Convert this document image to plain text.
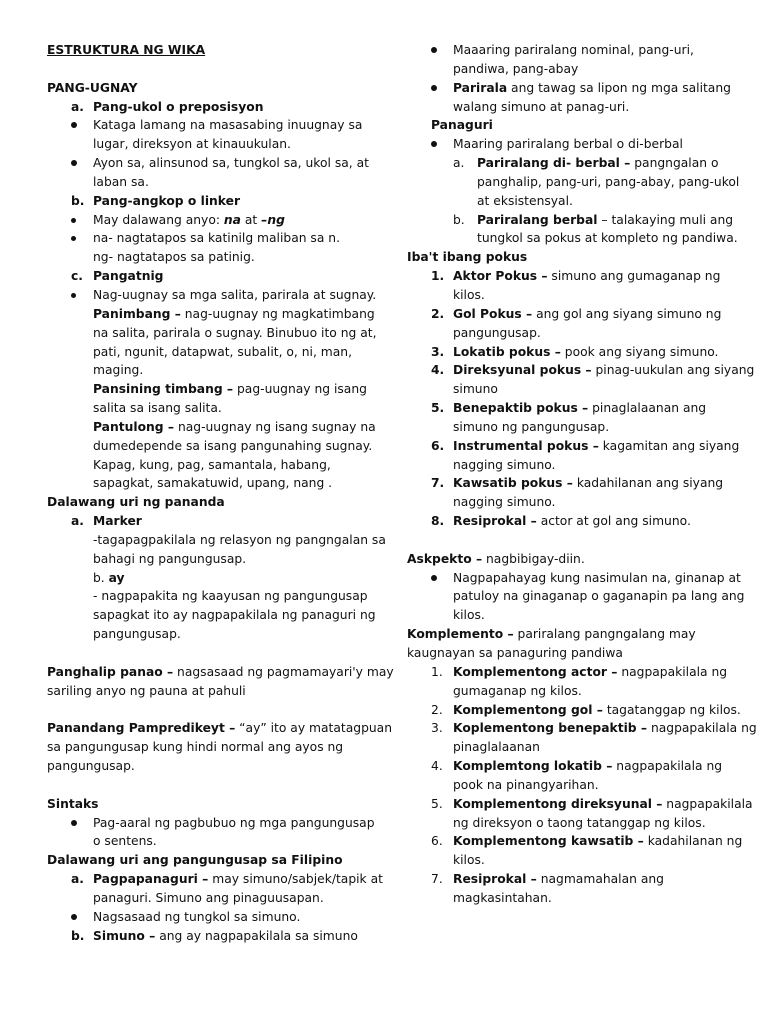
ESTRUKTURA NG WIKA
PANG-UGNAY
a. Pang-ukol o preposisyon
Kataga lamang na masasabing inuugnay sa
lugar, direksyon at kinauukulan.
Ayon sa, alinsunod sa, tungkol sa, ukol sa, at
laban sa.
b. Pang-angkop o linker
May dalawang anyo: na at –ng
na- nagtatapos sa katinilg maliban sa n.
ng- nagtatapos sa patinig.
c. Pangatnig
Nag-uugnay sa mga salita, parirala at sugnay.
Panimbang – nag-uugnay ng magkatimbang
na salita, parirala o sugnay. Binubuo ito ng at,
pati, ngunit, datapwat, subalit, o, ni, man,
maging.
Pansining timbang – pag-uugnay ng isang
salita sa isang salita.
Pantulong – nag-uugnay ng isang sugnay na
dumedepende sa isang pangunahing sugnay.
Kapag, kung, pag, samantala, habang,
sapagkat, samakatuwid, upang, nang .
Dalawang uri ng pananda
a. Marker
-tagapagpakilala ng relasyon ng pangngalan sa
bahagi ng pangungusap.
b. ay
- nagpapakita ng kaayusan ng pangungusap
sapagkat ito ay nagpapakilala ng panaguri ng
pangungusap.
Panghalip panao – nagsasaad ng pagmamayari'y may
sariling anyo ng pauna at pahuli
Panandang Pampredikeyt – “ay” ito ay matatagpuan
sa pangungusap kung hindi normal ang ayos ng
pangungusap.
Sintaks
Pag-aaral ng pagbubuo ng mga pangungusap
o sentens.
Dalawang uri ang pangungusap sa Filipino
a. Pagpapanaguri – may simuno/sabjek/tapik at
panaguri. Simuno ang pinaguusapan.
Nagsasaad ng tungkol sa simuno.
b. Simuno – ang ay nagpapakilala sa simuno
Maaaring pariralang nominal, pang-uri,
pandiwa, pang-abay
Parirala ang tawag sa lipon ng mga salitang
walang simuno at panag-uri.
Panaguri
Maaring pariralang berbal o di-berbal
a. Pariralang di- berbal – pangngalan o
panghalip, pang-uri, pang-abay, pang-ukol
at eksistensyal.
b. Pariralang berbal – talakaying muli ang
tungkol sa pokus at kompleto ng pandiwa.
Iba't ibang pokus
1. Aktor Pokus – simuno ang gumaganap ng
kilos.
2. Gol Pokus – ang gol ang siyang simuno ng
pangungusap.
3. Lokatib pokus – pook ang siyang simuno.
4. Direksyunal pokus – pinag-uukulan ang siyang
simuno
5. Benepaktib pokus – pinaglalaanan ang
simuno ng pangungusap.
6. Instrumental pokus – kagamitan ang siyang
nagging simuno.
7. Kawsatib pokus – kadahilanan ang siyang
nagging simuno.
8. Resiprokal – actor at gol ang simuno.
Askpekto – nagbibigay-diin.
Nagpapahayag kung nasimulan na, ginanap at
patuloy na ginaganap o gaganapin pa lang ang
kilos.
Komplemento – pariralang pangngalang may
kaugnayan sa panaguring pandiwa
1. Komplementong actor – nagpapakilala ng
gumaganap ng kilos.
2. Komplementong gol – tagatanggap ng kilos.
3. Koplementong benepaktib – nagpapakilala ng
pinaglalaanan
4. Komplemtong lokatib – nagpapakilala ng
pook na pinangyarihan.
5. Komplementong direksyunal – nagpapakilala
ng direksyon o taong tatanggap ng kilos.
6. Komplementong kawsatib – kadahilanan ng
kilos.
7. Resiprokal – nagmamahalan ang
magkasintahan.
